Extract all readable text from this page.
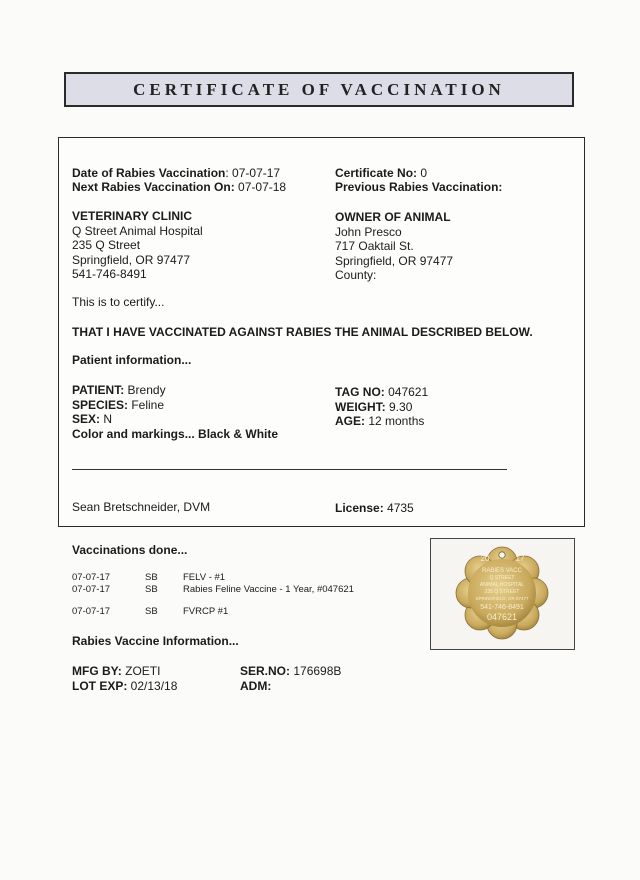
CERTIFICATE OF VACCINATION
Date of Rabies Vaccination: 07-07-17
Next Rabies Vaccination On: 07-07-18
Certificate No: 0
Previous Rabies Vaccination:
VETERINARY CLINIC
Q Street Animal Hospital
235 Q Street
Springfield, OR 97477
541-746-8491
OWNER OF ANIMAL
John Presco
717 Oaktail St.
Springfield, OR 97477
County:
This is to certify...
THAT I HAVE VACCINATED AGAINST RABIES THE ANIMAL DESCRIBED BELOW.
Patient information...
PATIENT: Brendy
SPECIES: Feline
SEX: N
Color and markings... Black & White
TAG NO: 047621
WEIGHT: 9.30
AGE: 12 months
Sean Bretschneider, DVM	License: 4735
Vaccinations done...
07-07-17	SB	FELV - #1
07-07-17	SB	Rabies Feline Vaccine - 1 Year, #047621
07-07-17	SB	FVRCP #1
20	17
RABIES VACC
Q STREET
ANIMAL HOSPITAL
235 Q STREET
SPRINGFIELD, OR 97477
541-746-8491
047621
Rabies Vaccine Information...
MFG BY: ZOETI
LOT EXP: 02/13/18
SER.NO: 176698B
ADM:
